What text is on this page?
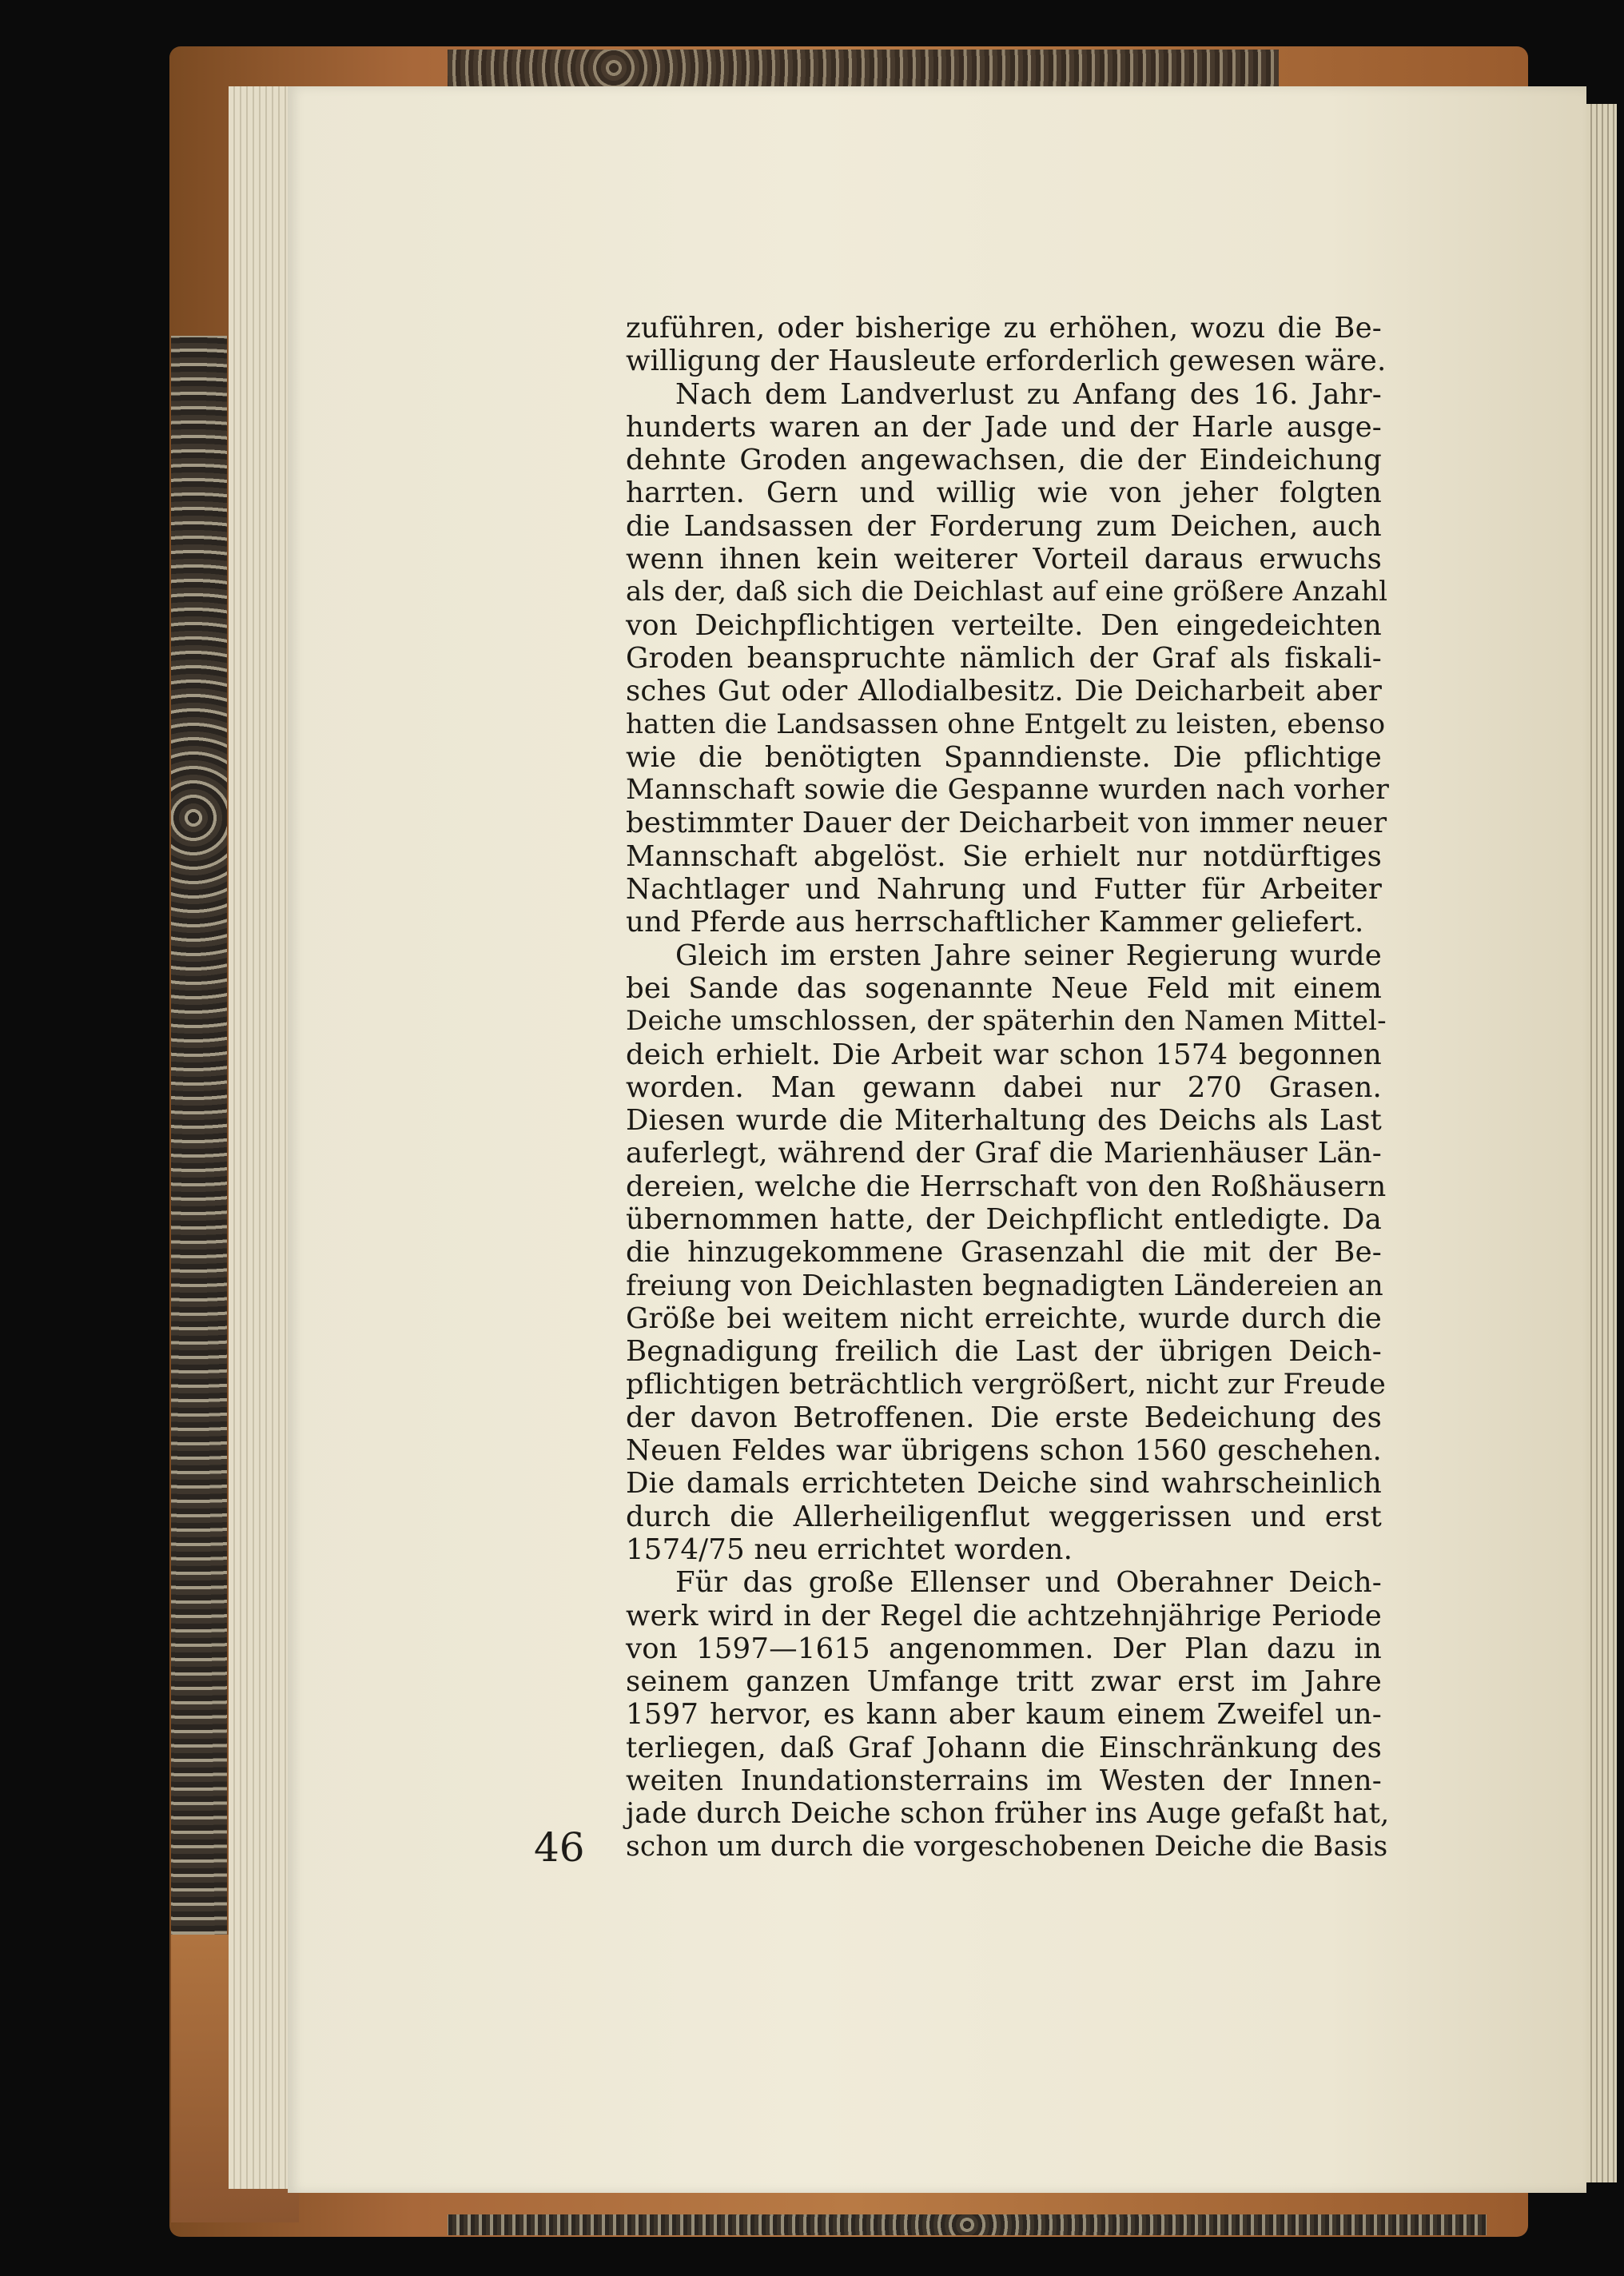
zuführen, oder bisherige zu erhöhen, wozu die Be-
willigung der Hausleute erforderlich gewesen wäre.
Nach dem Landverlust zu Anfang des 16. Jahr-
hunderts waren an der Jade und der Harle ausge-
dehnte Groden angewachsen, die der Eindeichung
harrten. Gern und willig wie von jeher folgten
die Landsassen der Forderung zum Deichen, auch
wenn ihnen kein weiterer Vorteil daraus erwuchs
als der, daß sich die Deichlast auf eine größere Anzahl
von Deichpflichtigen verteilte. Den eingedeichten
Groden beanspruchte nämlich der Graf als fiskali-
sches Gut oder Allodialbesitz. Die Deicharbeit aber
hatten die Landsassen ohne Entgelt zu leisten, ebenso
wie die benötigten Spanndienste. Die pflichtige
Mannschaft sowie die Gespanne wurden nach vorher
bestimmter Dauer der Deicharbeit von immer neuer
Mannschaft abgelöst. Sie erhielt nur notdürftiges
Nachtlager und Nahrung und Futter für Arbeiter
und Pferde aus herrschaftlicher Kammer geliefert.
Gleich im ersten Jahre seiner Regierung wurde
bei Sande das sogenannte Neue Feld mit einem
Deiche umschlossen, der späterhin den Namen Mittel-
deich erhielt. Die Arbeit war schon 1574 begonnen
worden. Man gewann dabei nur 270 Grasen.
Diesen wurde die Miterhaltung des Deichs als Last
auferlegt, während der Graf die Marienhäuser Län-
dereien, welche die Herrschaft von den Roßhäusern
übernommen hatte, der Deichpflicht entledigte. Da
die hinzugekommene Grasenzahl die mit der Be-
freiung von Deichlasten begnadigten Ländereien an
Größe bei weitem nicht erreichte, wurde durch die
Begnadigung freilich die Last der übrigen Deich-
pflichtigen beträchtlich vergrößert, nicht zur Freude
der davon Betroffenen. Die erste Bedeichung des
Neuen Feldes war übrigens schon 1560 geschehen.
Die damals errichteten Deiche sind wahrscheinlich
durch die Allerheiligenflut weggerissen und erst
1574/75 neu errichtet worden.
Für das große Ellenser und Oberahner Deich-
werk wird in der Regel die achtzehnjährige Periode
von 1597—1615 angenommen. Der Plan dazu in
seinem ganzen Umfange tritt zwar erst im Jahre
1597 hervor, es kann aber kaum einem Zweifel un-
terliegen, daß Graf Johann die Einschränkung des
weiten Inundationsterrains im Westen der Innen-
jade durch Deiche schon früher ins Auge gefaßt hat,
schon um durch die vorgeschobenen Deiche die Basis

46
